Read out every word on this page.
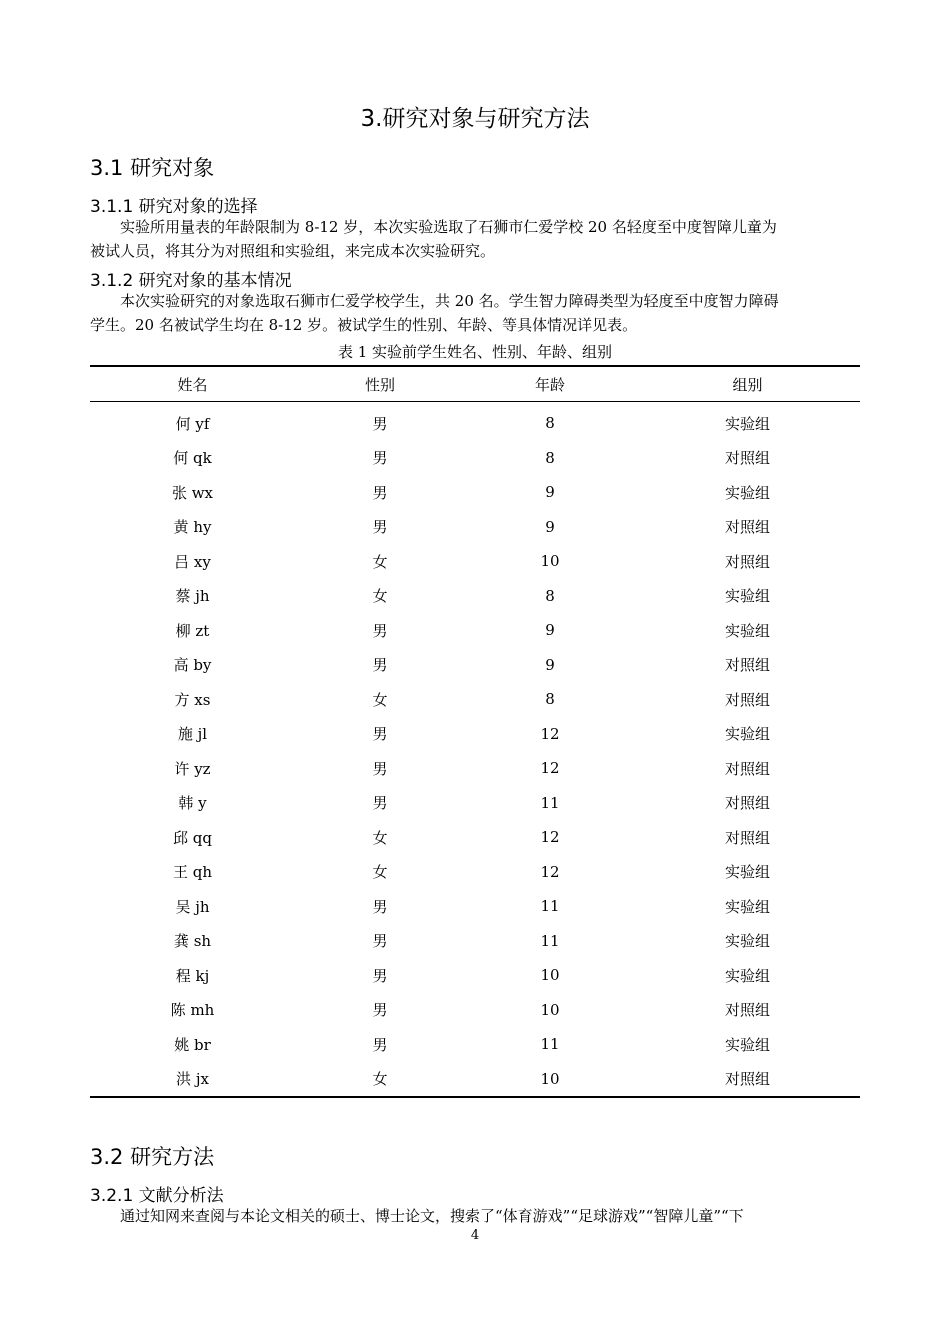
3.研究对象与研究方法
3.1 研究对象
3.1.1 研究对象的选择
实验所用量表的年龄限制为 8-12 岁，本次实验选取了石狮市仁爱学校 20 名轻度至中度智障儿童为
被试人员，将其分为对照组和实验组，来完成本次实验研究。
3.1.2 研究对象的基本情况
本次实验研究的对象选取石狮市仁爱学校学生，共 20 名。学生智力障碍类型为轻度至中度智力障碍
学生。20 名被试学生均在 8-12 岁。被试学生的性别、年龄、等具体情况详见表。
表 1 实验前学生姓名、性别、年龄、组别
姓名	性别	年龄	组别
何 yf	男	8	实验组
何 qk	男	8	对照组
张 wx	男	9	实验组
黄 hy	男	9	对照组
吕 xy	女	10	对照组
蔡 jh	女	8	实验组
柳 zt	男	9	实验组
高 by	男	9	对照组
方 xs	女	8	对照组
施 jl	男	12	实验组
许 yz	男	12	对照组
韩 y	男	11	对照组
邱 qq	女	12	对照组
王 qh	女	12	实验组
吴 jh	男	11	实验组
龚 sh	男	11	实验组
程 kj	男	10	实验组
陈 mh	男	10	对照组
姚 br	男	11	实验组
洪 jx	女	10	对照组
3.2 研究方法
3.2.1 文献分析法
通过知网来查阅与本论文相关的硕士、博士论文，搜索了“体育游戏”“足球游戏”“智障儿童”“下
4
